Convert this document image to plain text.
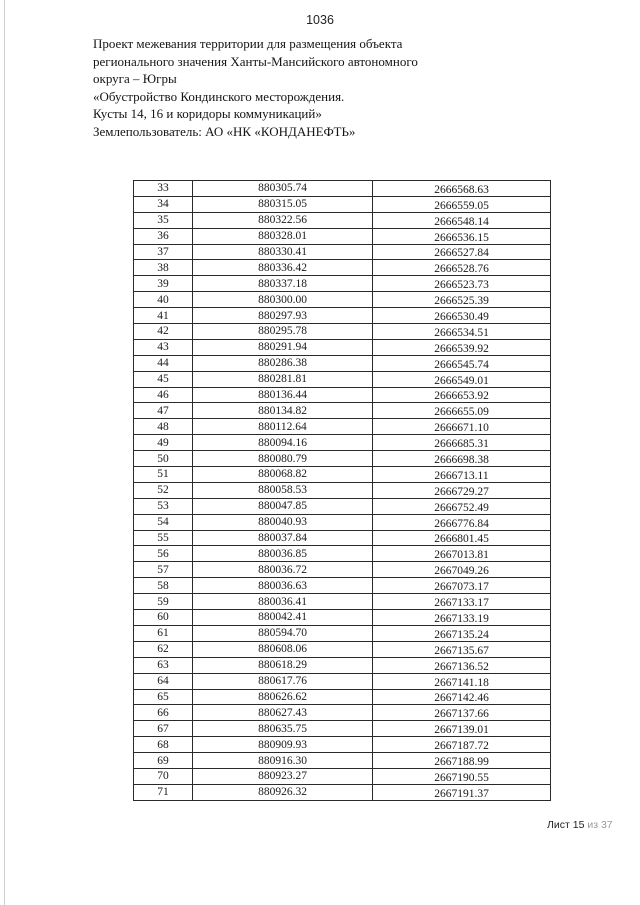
1036
Проект межевания территории для размещения объекта
регионального значения Ханты-Мансийского автономного
округа – Югры
«Обустройство Кондинского месторождения.
Кусты 14, 16 и коридоры коммуникаций»
Землепользователь: АО «НК «КОНДАНЕФТЬ»
33	880305.74	2666568.63
34	880315.05	2666559.05
35	880322.56	2666548.14
36	880328.01	2666536.15
37	880330.41	2666527.84
38	880336.42	2666528.76
39	880337.18	2666523.73
40	880300.00	2666525.39
41	880297.93	2666530.49
42	880295.78	2666534.51
43	880291.94	2666539.92
44	880286.38	2666545.74
45	880281.81	2666549.01
46	880136.44	2666653.92
47	880134.82	2666655.09
48	880112.64	2666671.10
49	880094.16	2666685.31
50	880080.79	2666698.38
51	880068.82	2666713.11
52	880058.53	2666729.27
53	880047.85	2666752.49
54	880040.93	2666776.84
55	880037.84	2666801.45
56	880036.85	2667013.81
57	880036.72	2667049.26
58	880036.63	2667073.17
59	880036.41	2667133.17
60	880042.41	2667133.19
61	880594.70	2667135.24
62	880608.06	2667135.67
63	880618.29	2667136.52
64	880617.76	2667141.18
65	880626.62	2667142.46
66	880627.43	2667137.66
67	880635.75	2667139.01
68	880909.93	2667187.72
69	880916.30	2667188.99
70	880923.27	2667190.55
71	880926.32	2667191.37
Лист 15 из 37
